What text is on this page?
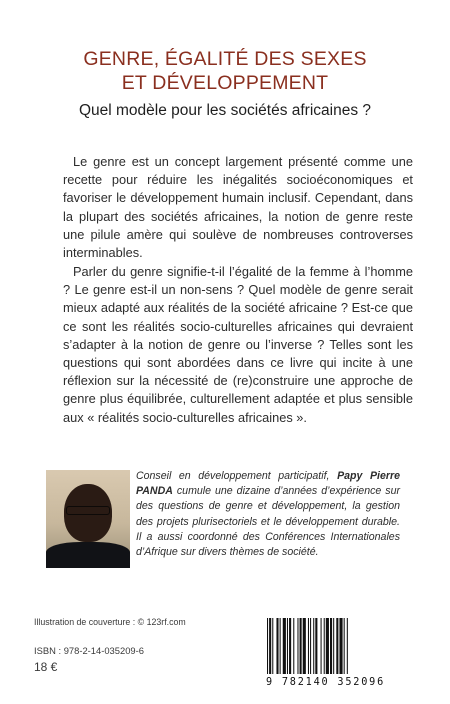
GENRE, ÉGALITÉ DES SEXES
ET DÉVELOPPEMENT
Quel modèle pour les sociétés africaines ?

Le genre est un concept largement présenté comme une recette pour réduire les inégalités socioéconomiques et favoriser le développement humain inclusif. Cependant, dans la plupart des sociétés africaines, la notion de genre reste une pilule amère qui soulève de nombreuses controverses interminables.

Parler du genre signifie-t-il l’égalité de la femme à l’homme ? Le genre est-il un non-sens ? Quel modèle de genre serait mieux adapté aux réalités de la société africaine ? Est-ce que ce sont les réalités socio-culturelles africaines qui devraient s’adapter à la notion de genre ou l’inverse ? Telles sont les questions qui sont abordées dans ce livre qui incite à une réflexion sur la nécessité de (re)construire une approche de genre plus équilibrée, culturellement adaptée et plus sensible aux « réalités socio-culturelles africaines ».

Conseil en développement participatif, Papy Pierre PANDA cumule une dizaine d’années d’expérience sur des questions de genre et développement, la gestion des projets plurisectoriels et le développement durable. Il a aussi coordonné des Conférences Internationales d’Afrique sur divers thèmes de société.

Illustration de couverture : © 123rf.com
ISBN : 978-2-14-035209-6
18 €
9 782140 352096
